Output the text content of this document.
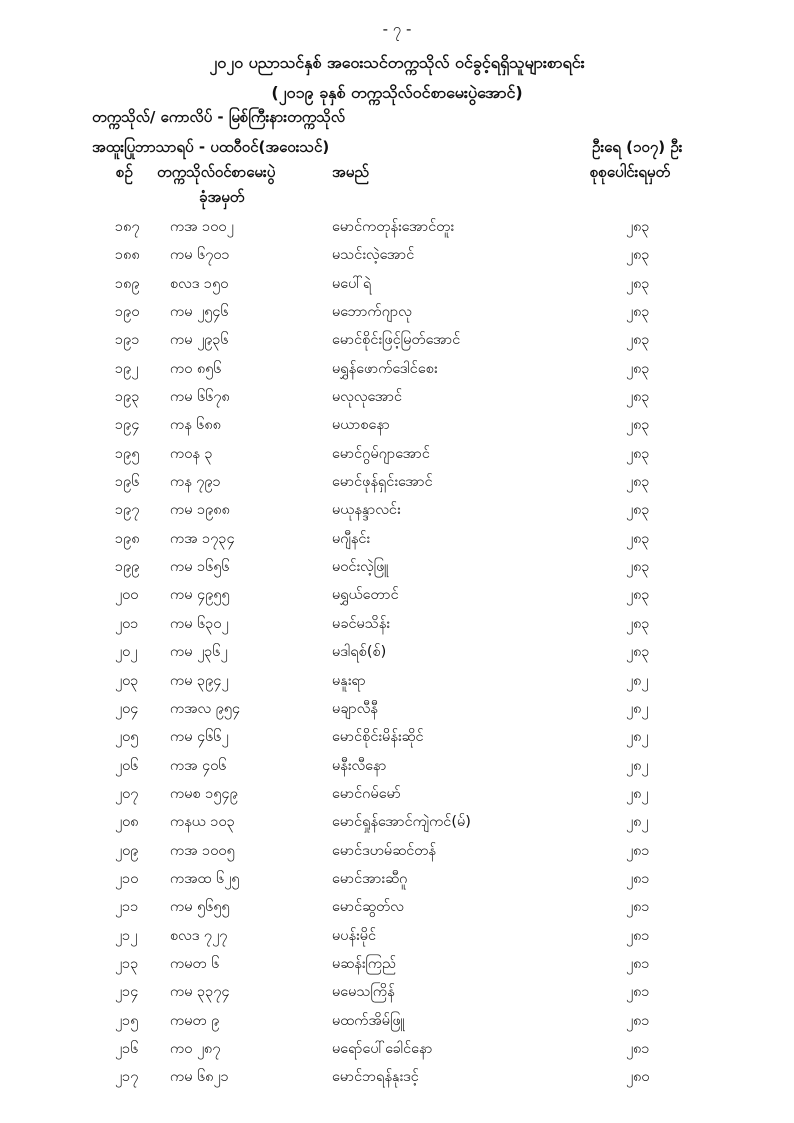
- ၇ -
၂၀၂၀ ပညာသင်နှစ် အဝေးသင်တက္ကသိုလ် ဝင်ခွင့်ရရှိသူများစာရင်း
(၂၀၁၉ ခုနှစ် တက္ကသိုလ်ဝင်စာမေးပွဲအောင်)
တက္ကသိုလ်/ ကောလိပ် - မြစ်ကြီးနားတက္ကသိုလ်
အထူးပြုဘာသာရပ် - ပထဝီဝင်(အဝေးသင်)	ဦးရေ (၁၀၇) ဦး
စဉ် တက္ကသိုလ်ဝင်စာမေးပွဲ
ခုံအမှတ်
အမည်	စုစုပေါင်းရမှတ်
၁၈၇ ကအ ၁၀၀၂	မောင်ကတုန်းအောင်တူး	၂၈၃
၁၈၈ ကမ ၆၇၀၁	မသင်းလဲ့အောင်	၂၈၃
၁၈၉ စလဒ ၁၅၀	မပေါ်ရဲ	၂၈၃
၁၉၀ ကမ ၂၅၄၆	မဘောက်ဂျာလု	၂၈၃
၁၉၁ ကမ ၂၉၃၆	မောင်စိုင်းဖြင့်မြတ်အောင်	၂၈၃
၁၉၂ ကဝ ၈၅၆	မရွှန်ဖောက်ဒေါင်စေး	၂၈၃
၁၉၃ ကမ ၆၆၇၈	မလုလုအောင်	၂၈၃
၁၉၄ ကန ၆၈၈	မယာစနော	၂၈၃
၁၉၅ ကဝန ၃	မောင်ဂွမ်ဂျာအောင်	၂၈၃
၁၉၆ ကန ၇၉၁	မောင်ဖုန်ရှင်းအောင်	၂၈၃
၁၉၇ ကမ ၁၉၈၈	မယုနန္ဒာလင်း	၂၈၃
၁၉၈ ကအ ၁၇၃၄	မဂျီနင်း	၂၈၃
၁၉၉ ကမ ၁၆၅၆	မဝင်းလဲ့ဖြူ	၂၈၃
၂၀၀ ကမ ၄၉၅၅	မရွှယ်တောင်	၂၈၃
၂၀၁ ကမ ၆၃၀၂	မခင်မသိန်း	၂၈၃
၂၀၂ ကမ ၂၃၆၂	မဒါရစ်(စ်)	၂၈၃
၂၀၃ ကမ ၃၉၄၂	မနူးရာ	၂၈၂
၂၀၄ ကအလ ၉၅၄	မချာလီနီ	၂၈၂
၂၀၅ ကမ ၄၆၆၂	မောင်စိုင်းမိန်းဆိုင်	၂၈၂
၂၀၆ ကအ ၄၀၆	မနီးလီနော	၂၈၂
၂၀၇ ကမစ ၁၅၄၉	မောင်ဂမ်မော်	၂၈၂
၂၀၈ ကနယ ၁၀၃	မောင်ရှုန်အောင်ကျဲကင်(မ်)	၂၈၂
၂၀၉ ကအ ၁၀၀၅	မောင်ဒဟမ်ဆင်တန်	၂၈၁
၂၁၀ ကအထ ၆၂၅	မောင်အားဆီဂူ	၂၈၁
၂၁၁ ကမ ၅၆၅၅	မောင်ဆွတ်လ	၂၈၁
၂၁၂ စလဒ ၇၂၇	မပန်းမိုင်	၂၈၁
၂၁၃ ကမတ ၆	မဆန်းကြည်	၂၈၁
၂၁၄ ကမ ၃၃၇၄	မမေသကြိန်	၂၈၁
၂၁၅ ကမတ ၉	မထက်အိမ်ဖြူ	၂၈၁
၂၁၆ ကဝ ၂၈၇	မရော်ပေါ်ခေါင်နော	၂၈၁
၂၁၇ ကမ ၆၈၂၁	မောင်ဘရန်နုးဒင့်	၂၈၀
